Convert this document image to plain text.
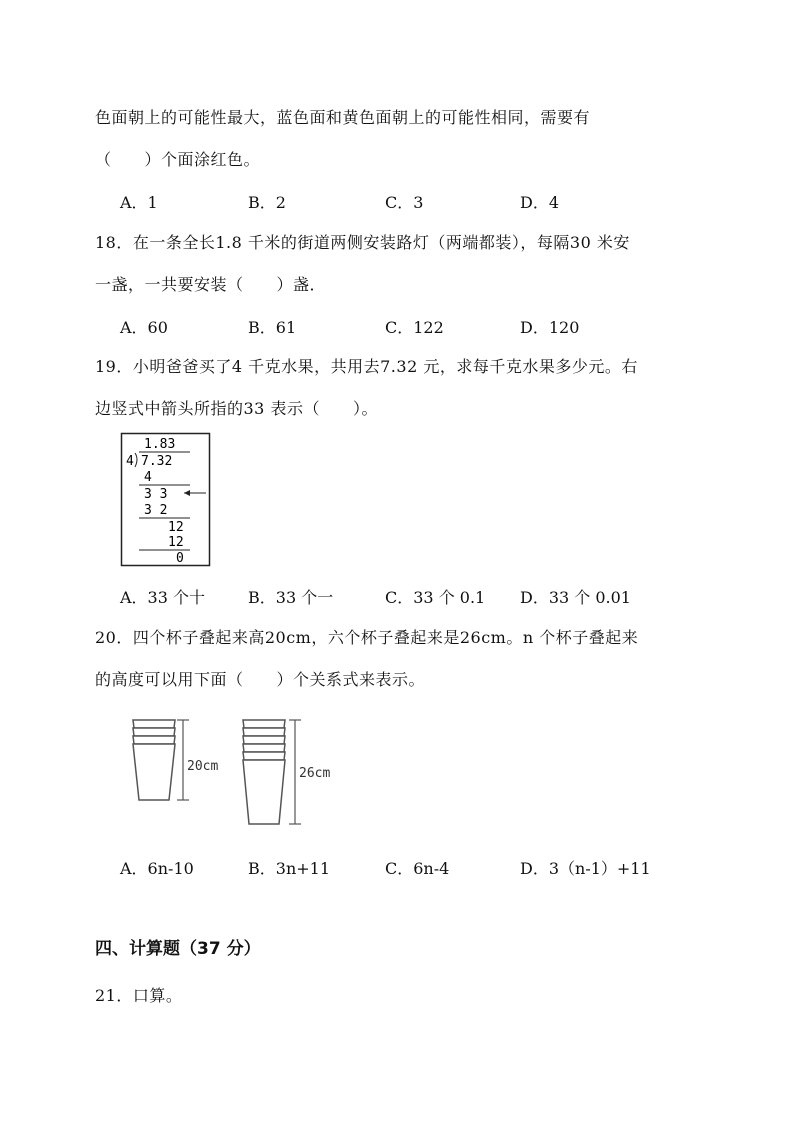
色面朝上的可能性最大，蓝色面和黄色面朝上的可能性相同，需要有
（　　）个面涂红色。
A．1	B．2	C．3	D．4
18．在一条全长1.8 千米的街道两侧安装路灯（两端都装），每隔30 米安
一盏，一共要安装（　　）盏．
A．60	B．61	C．122	D．120
19．小明爸爸买了4 千克水果，共用去7.32 元，求每千克水果多少元。右
边竖式中箭头所指的33 表示（　　）。
1.83
4 7.32
4
3 3
3 2
12
12
0
A．33 个十	B．33 个一	C．33 个 0.1 D．33 个 0.01
20．四个杯子叠起来高20cm，六个杯子叠起来是26cm。n 个杯子叠起来
的高度可以用下面（　　）个关系式来表示。
20cm	26cm
A．6n-10	B．3n+11	C．6n-4	D．3（n-1）+11
四、计算题（37 分）
21．口算。
